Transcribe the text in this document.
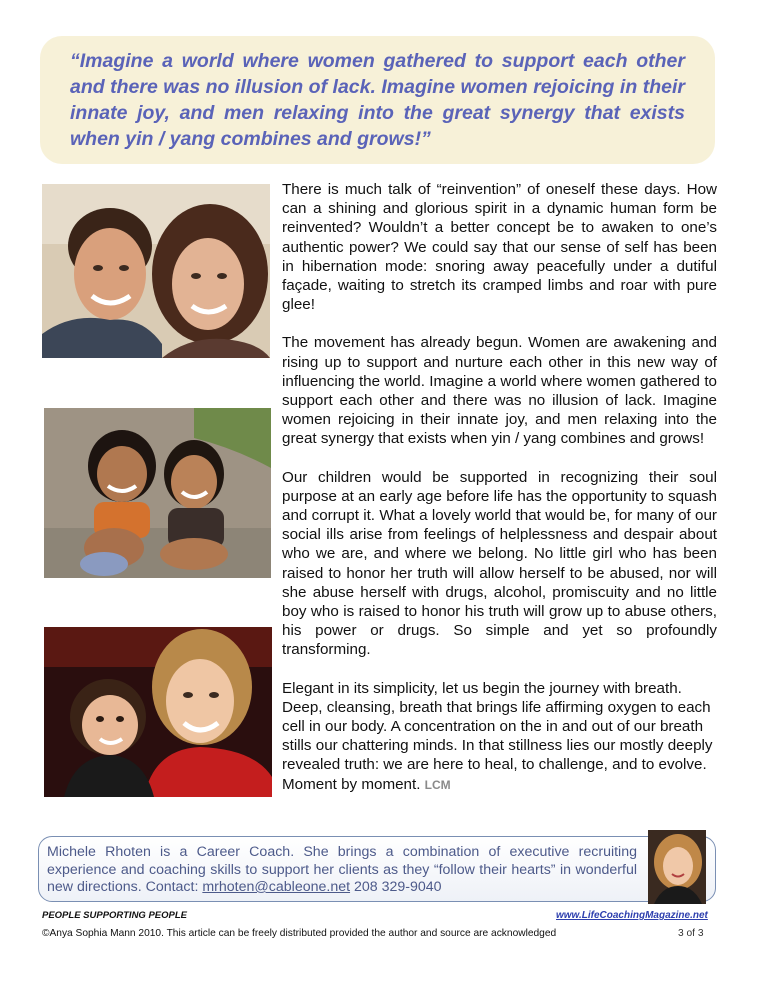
“Imagine a world where women gathered to support each other and there was no illusion of lack. Imagine women rejoicing in their innate joy, and men relaxing into the great synergy that exists when yin / yang combines and grows!”

There is much talk of “reinvention” of oneself these days. How can a shining and glorious spirit in a dynamic human form be reinvented? Wouldn’t a better concept be to awaken to one’s authentic power? We could say that our sense of self has been in hibernation mode: snoring away peacefully under a dutiful façade, waiting to stretch its cramped limbs and roar with pure glee!

The movement has already begun. Women are awakening and rising up to support and nurture each other in this new way of influencing the world. Imagine a world where women gathered to support each other and there was no illusion of lack. Imagine women rejoicing in their innate joy, and men relaxing into the great synergy that exists when yin / yang combines and grows!

Our children would be supported in recognizing their soul purpose at an early age before life has the opportunity to squash and corrupt it. What a lovely world that would be, for many of our social ills arise from feelings of helplessness and despair about who we are, and where we belong. No little girl who has been raised to honor her truth will allow herself to be abused, nor will she abuse herself with drugs, alcohol, promiscuity and no little boy who is raised to honor his truth will grow up to abuse others, his power or drugs. So simple and yet so profoundly transforming.

Elegant in its simplicity, let us begin the journey with breath. Deep, cleansing, breath that brings life affirming oxygen to each cell in our body. A concentration on the in and out of our breath stills our chattering minds. In that stillness lies our mostly deeply revealed truth: we are here to heal, to challenge, and to evolve.

Moment by moment. LCM

Michele Rhoten is a Career Coach. She brings a combination of executive recruiting experience and coaching skills to support her clients as they “follow their hearts” in wonderful new directions. Contact: mrhoten@cableone.net 208 329-9040

PEOPLE SUPPORTING PEOPLE	www.LifeCoachingMagazine.net
©Anya Sophia Mann 2010. This article can be freely distributed provided the author and source are acknowledged	3 of 3
